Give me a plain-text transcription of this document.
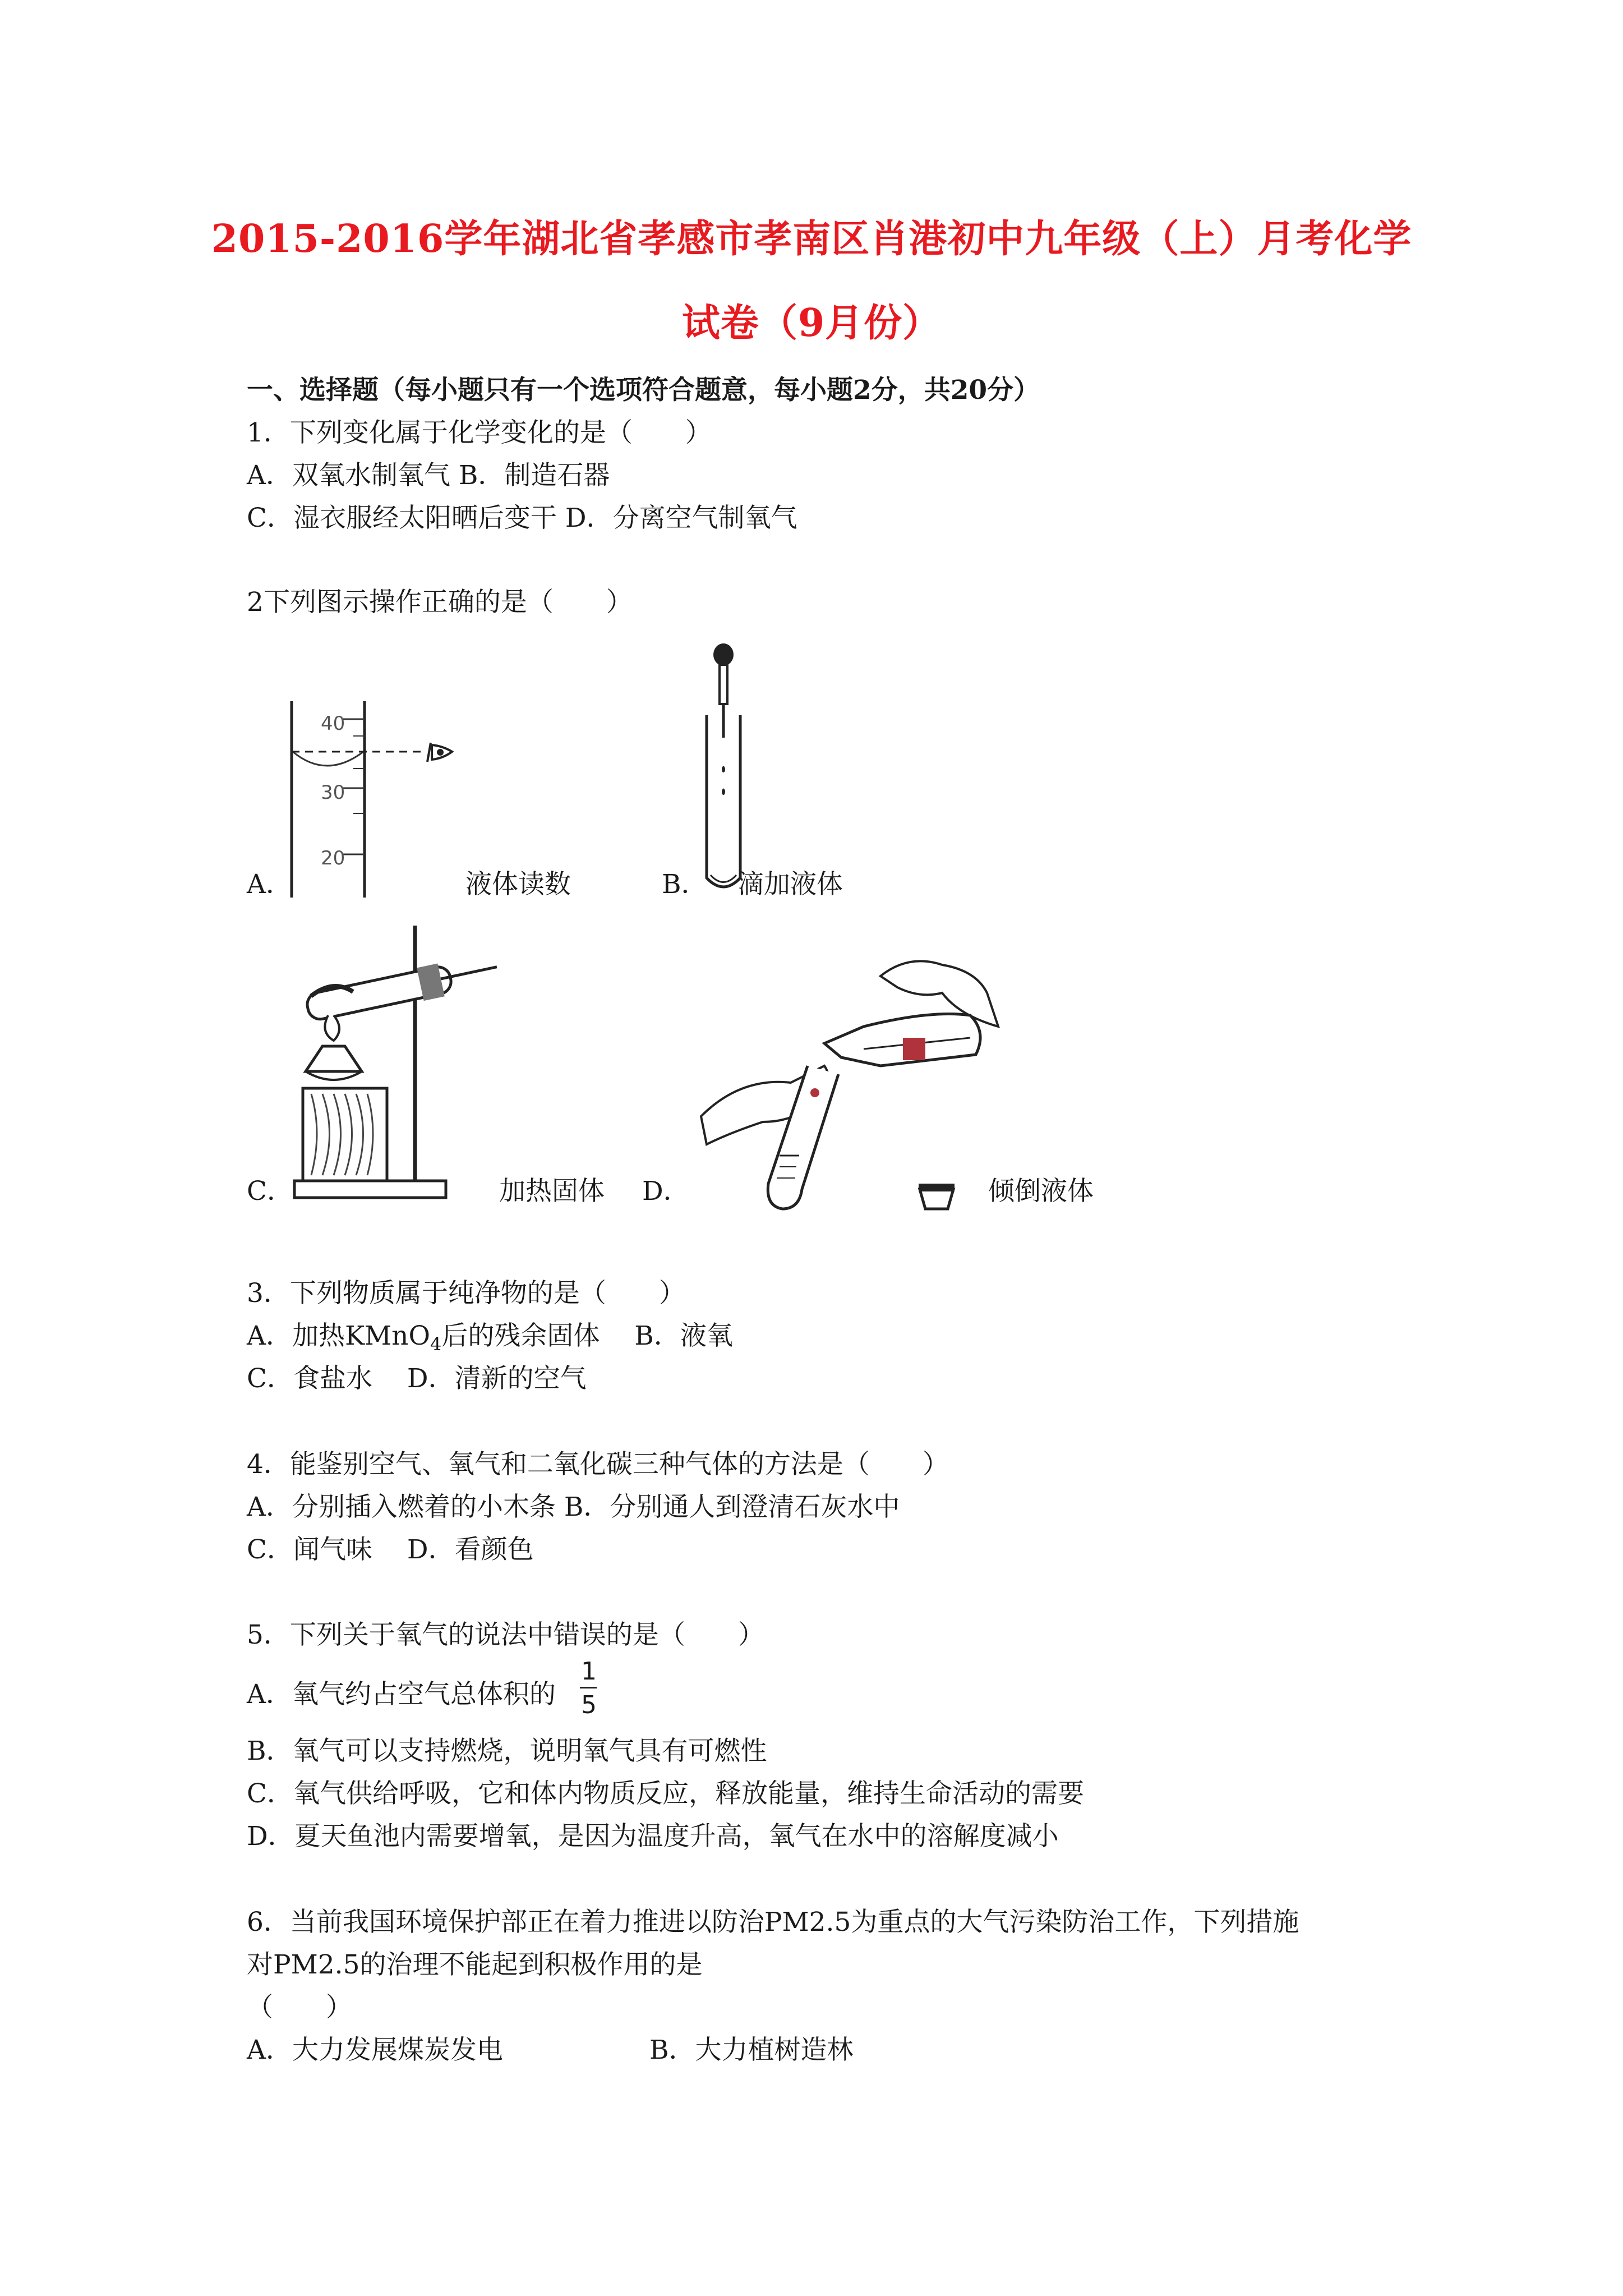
2015-2016学年湖北省孝感市孝南区肖港初中九年级（上）月考化学
试卷（9月份）
一、选择题（每小题只有一个选项符合题意，每小题2分，共20分）
1．下列变化属于化学变化的是（　　）
A．双氧水制氧气 B．制造石器
C．湿衣服经太阳晒后变干 D．分离空气制氧气
2下列图示操作正确的是（　　）
A．
40
30
20
液体读数	B． 滴加液体
C．	加热固体 D．	倾倒液体
3．下列物质属于纯净物的是（　　）
A．加热KMnO$_4$后的残余固体　 B．液氧
C．食盐水　 D．清新的空气
4．能鉴别空气、氧气和二氧化碳三种气体的方法是（　　）
A．分别插入燃着的小木条 B．分别通人到澄清石灰水中
C．闻气味　 D．看颜色
5．下列关于氧气的说法中错误的是（　　）
A．氧气约占空气总体积的
1
5
B．氧气可以支持燃烧，说明氧气具有可燃性
C．氧气供给呼吸，它和体内物质反应，释放能量，维持生命活动的需要
D．夏天鱼池内需要增氧，是因为温度升高，氧气在水中的溶解度减小
6．当前我国环境保护部正在着力推进以防治PM2.5为重点的大气污染防治工作，下列措施
对PM2.5的治理不能起到积极作用的是
（　　）
A．大力发展煤炭发电	B．大力植树造林
